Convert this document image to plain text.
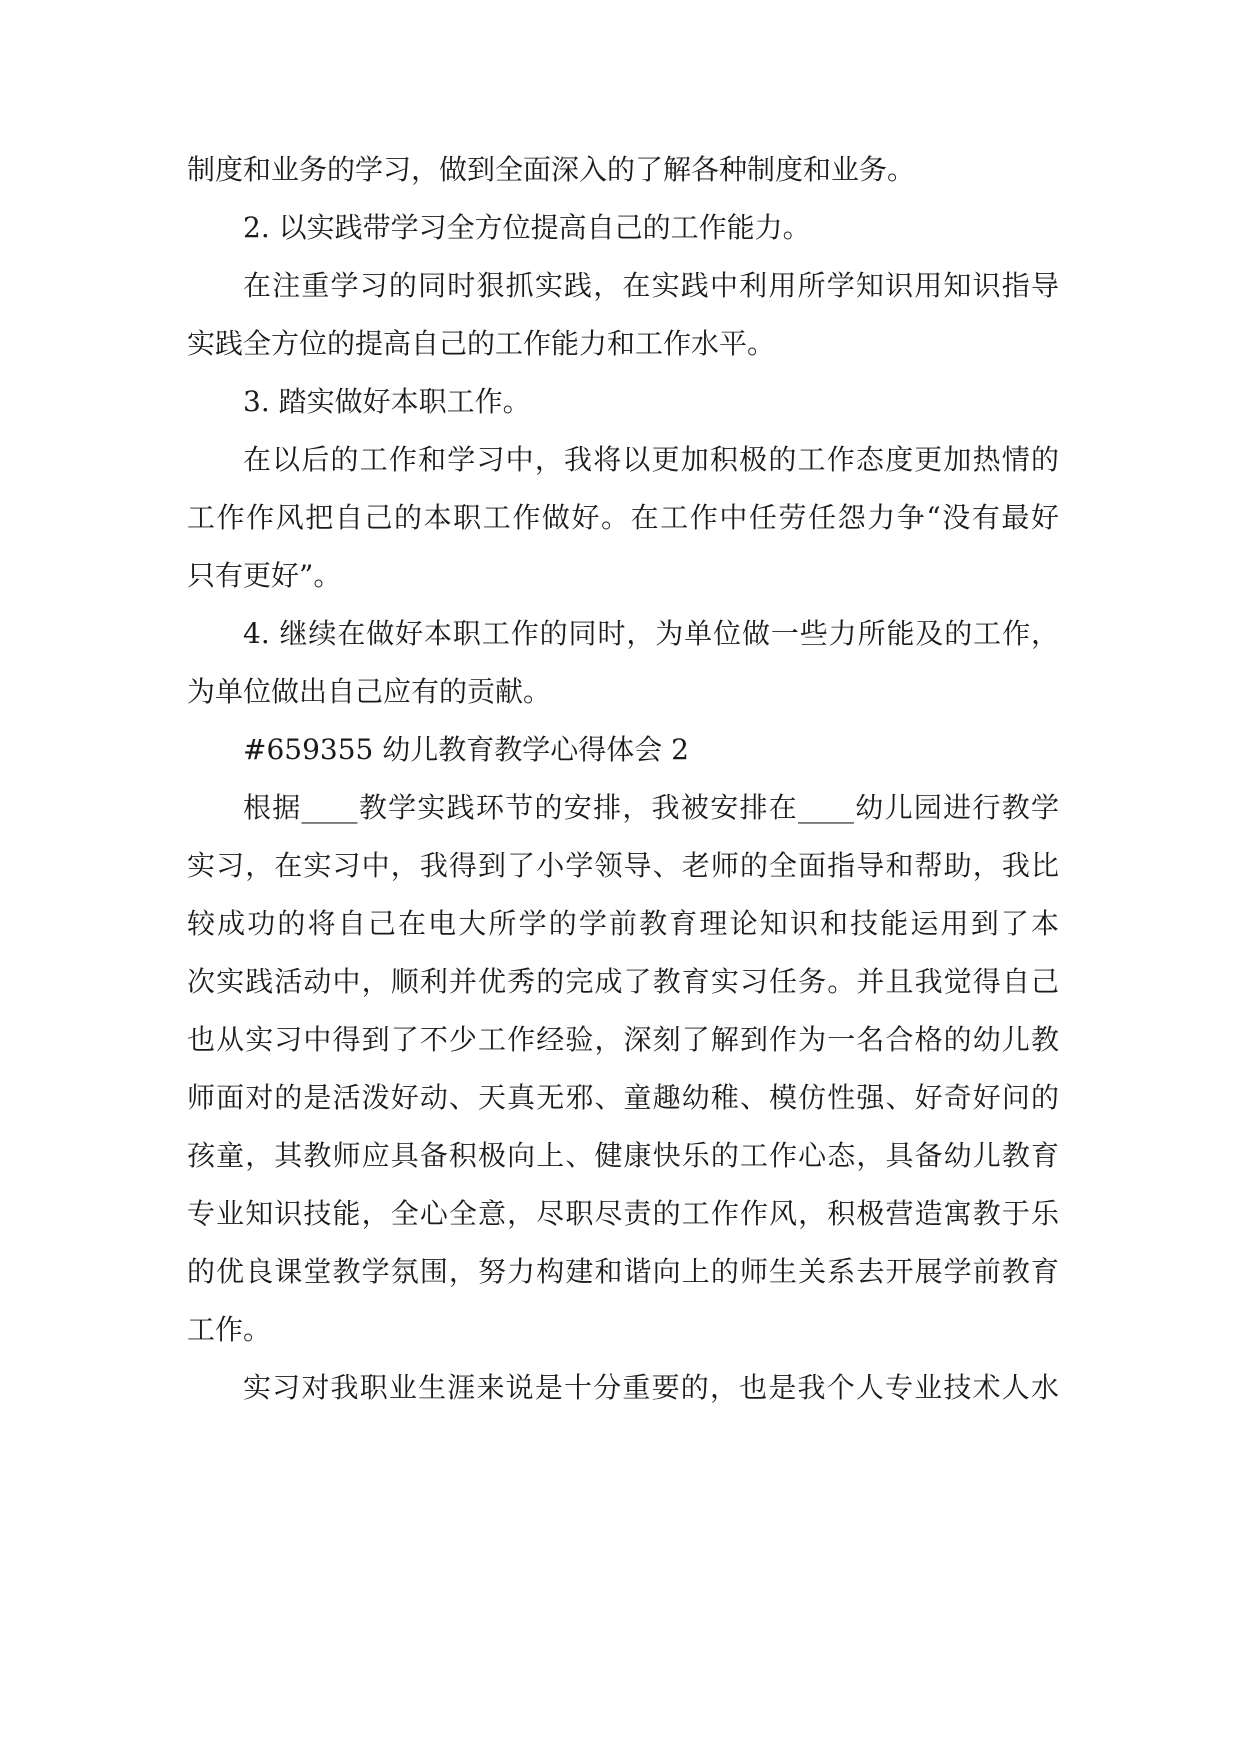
制度和业务的学习，做到全面深入的了解各种制度和业务。
2. 以实践带学习全方位提高自己的工作能力。
在注重学习的同时狠抓实践，在实践中利用所学知识用知识指导
实践全方位的提高自己的工作能力和工作水平。
3. 踏实做好本职工作。
在以后的工作和学习中，我将以更加积极的工作态度更加热情的
工作作风把自己的本职工作做好。在工作中任劳任怨力争“没有最好
只有更好”。
4. 继续在做好本职工作的同时，为单位做一些力所能及的工作，
为单位做出自己应有的贡献。
#659355 幼儿教育教学心得体会 2
根据____教学实践环节的安排，我被安排在____幼儿园进行教学
实习，在实习中，我得到了小学领导、老师的全面指导和帮助，我比
较成功的将自己在电大所学的学前教育理论知识和技能运用到了本
次实践活动中，顺利并优秀的完成了教育实习任务。并且我觉得自己
也从实习中得到了不少工作经验，深刻了解到作为一名合格的幼儿教
师面对的是活泼好动、天真无邪、童趣幼稚、模仿性强、好奇好问的
孩童，其教师应具备积极向上、健康快乐的工作心态，具备幼儿教育
专业知识技能，全心全意，尽职尽责的工作作风，积极营造寓教于乐
的优良课堂教学氛围，努力构建和谐向上的师生关系去开展学前教育
工作。
实习对我职业生涯来说是十分重要的，也是我个人专业技术人水
